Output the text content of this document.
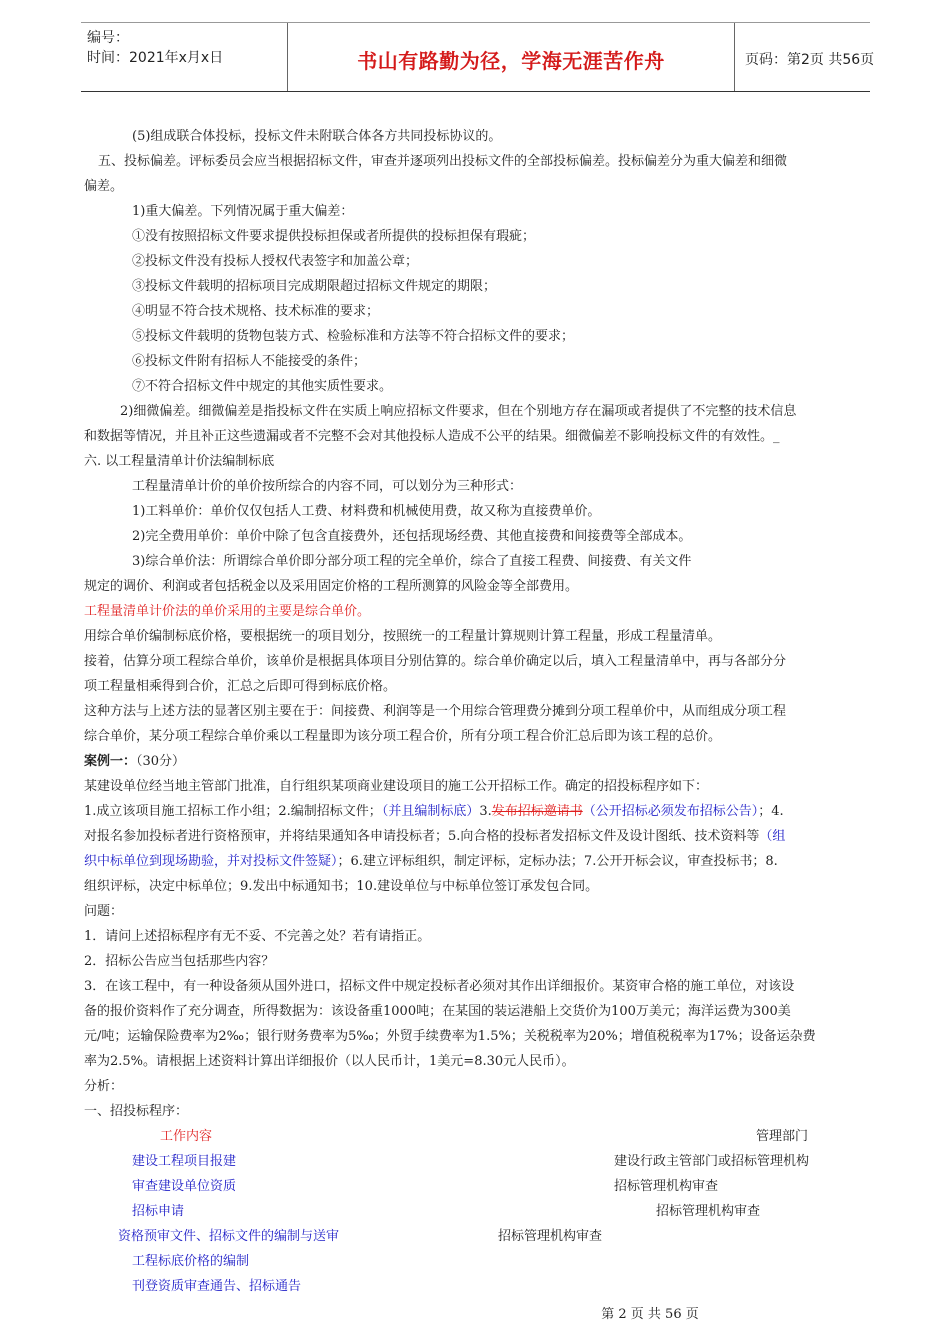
编号：
时间：2021年x月x日	书山有路勤为径，学海无涯苦作舟	页码：第2页 共56页
(5)组成联合体投标，投标文件未附联合体各方共同投标协议的。
五、投标偏差。评标委员会应当根据招标文件，审查并逐项列出投标文件的全部投标偏差。投标偏差分为重大偏差和细微
偏差。
1)重大偏差。下列情况属于重大偏差：
①没有按照招标文件要求提供投标担保或者所提供的投标担保有瑕疵；
②投标文件没有投标人授权代表签字和加盖公章；
③投标文件载明的招标项目完成期限超过招标文件规定的期限；
④明显不符合技术规格、技术标准的要求；
⑤投标文件载明的货物包装方式、检验标准和方法等不符合招标文件的要求；
⑥投标文件附有招标人不能接受的条件；
⑦不符合招标文件中规定的其他实质性要求。
2)细微偏差。细微偏差是指投标文件在实质上响应招标文件要求，但在个别地方存在漏项或者提供了不完整的技术信息
和数据等情况，并且补正这些遗漏或者不完整不会对其他投标人造成不公平的结果。细微偏差不影响投标文件的有效性。_
六. 以工程量清单计价法编制标底
工程量清单计价的单价按所综合的内容不同，可以划分为三种形式：
1)工料单价：单价仅仅包括人工费、材料费和机械使用费，故又称为直接费单价。
2)完全费用单价：单价中除了包含直接费外，还包括现场经费、其他直接费和间接费等全部成本。
3)综合单价法：所谓综合单价即分部分项工程的完全单价，综合了直接工程费、间接费、有关文件
规定的调价、利润或者包括税金以及采用固定价格的工程所测算的风险金等全部费用。
工程量清单计价法的单价采用的主要是综合单价。
用综合单价编制标底价格，要根据统一的项目划分，按照统一的工程量计算规则计算工程量，形成工程量清单。
接着，估算分项工程综合单价，该单价是根据具体项目分别估算的。综合单价确定以后，填入工程量清单中，再与各部分分
项工程量相乘得到合价，汇总之后即可得到标底价格。
这种方法与上述方法的显著区别主要在于：间接费、利润等是一个用综合管理费分摊到分项工程单价中，从而组成分项工程
综合单价，某分项工程综合单价乘以工程量即为该分项工程合价，所有分项工程合价汇总后即为该工程的总价。
案例一：（30分）
某建设单位经当地主管部门批准，自行组织某项商业建设项目的施工公开招标工作。确定的招投标程序如下：
1.成立该项目施工招标工作小组；2.编制招标文件；（并且编制标底）3.发布招标邀请书（公开招标必须发布招标公告）；4.
对报名参加投标者进行资格预审，并将结果通知各申请投标者；5.向合格的投标者发招标文件及设计图纸、技术资料等（组
织中标单位到现场勘验，并对投标文件签疑）；6.建立评标组织，制定评标，定标办法；7.公开开标会议，审查投标书；8.
组织评标，决定中标单位；9.发出中标通知书；10.建设单位与中标单位签订承发包合同。
问题：
1．请问上述招标程序有无不妥、不完善之处？若有请指正。
2．招标公告应当包括那些内容？
3．在该工程中，有一种设备须从国外进口，招标文件中规定投标者必须对其作出详细报价。某资审合格的施工单位，对该设
备的报价资料作了充分调查，所得数据为：该设备重1000吨；在某国的装运港船上交货价为100万美元；海洋运费为300美
元/吨；运输保险费率为2‰；银行财务费率为5‰；外贸手续费率为1.5%；关税税率为20%；增值税税率为17%；设备运杂费
率为2.5%。请根据上述资料计算出详细报价（以人民币计，1美元=8.30元人民币）。
分析：
一、招投标程序：
工作内容	管理部门
建设工程项目报建	建设行政主管部门或招标管理机构
审查建设单位资质	招标管理机构审查
招标申请	招标管理机构审查
资格预审文件、招标文件的编制与送审	招标管理机构审查
工程标底价格的编制
刊登资质审查通告、招标通告
第 2 页 共 56 页
